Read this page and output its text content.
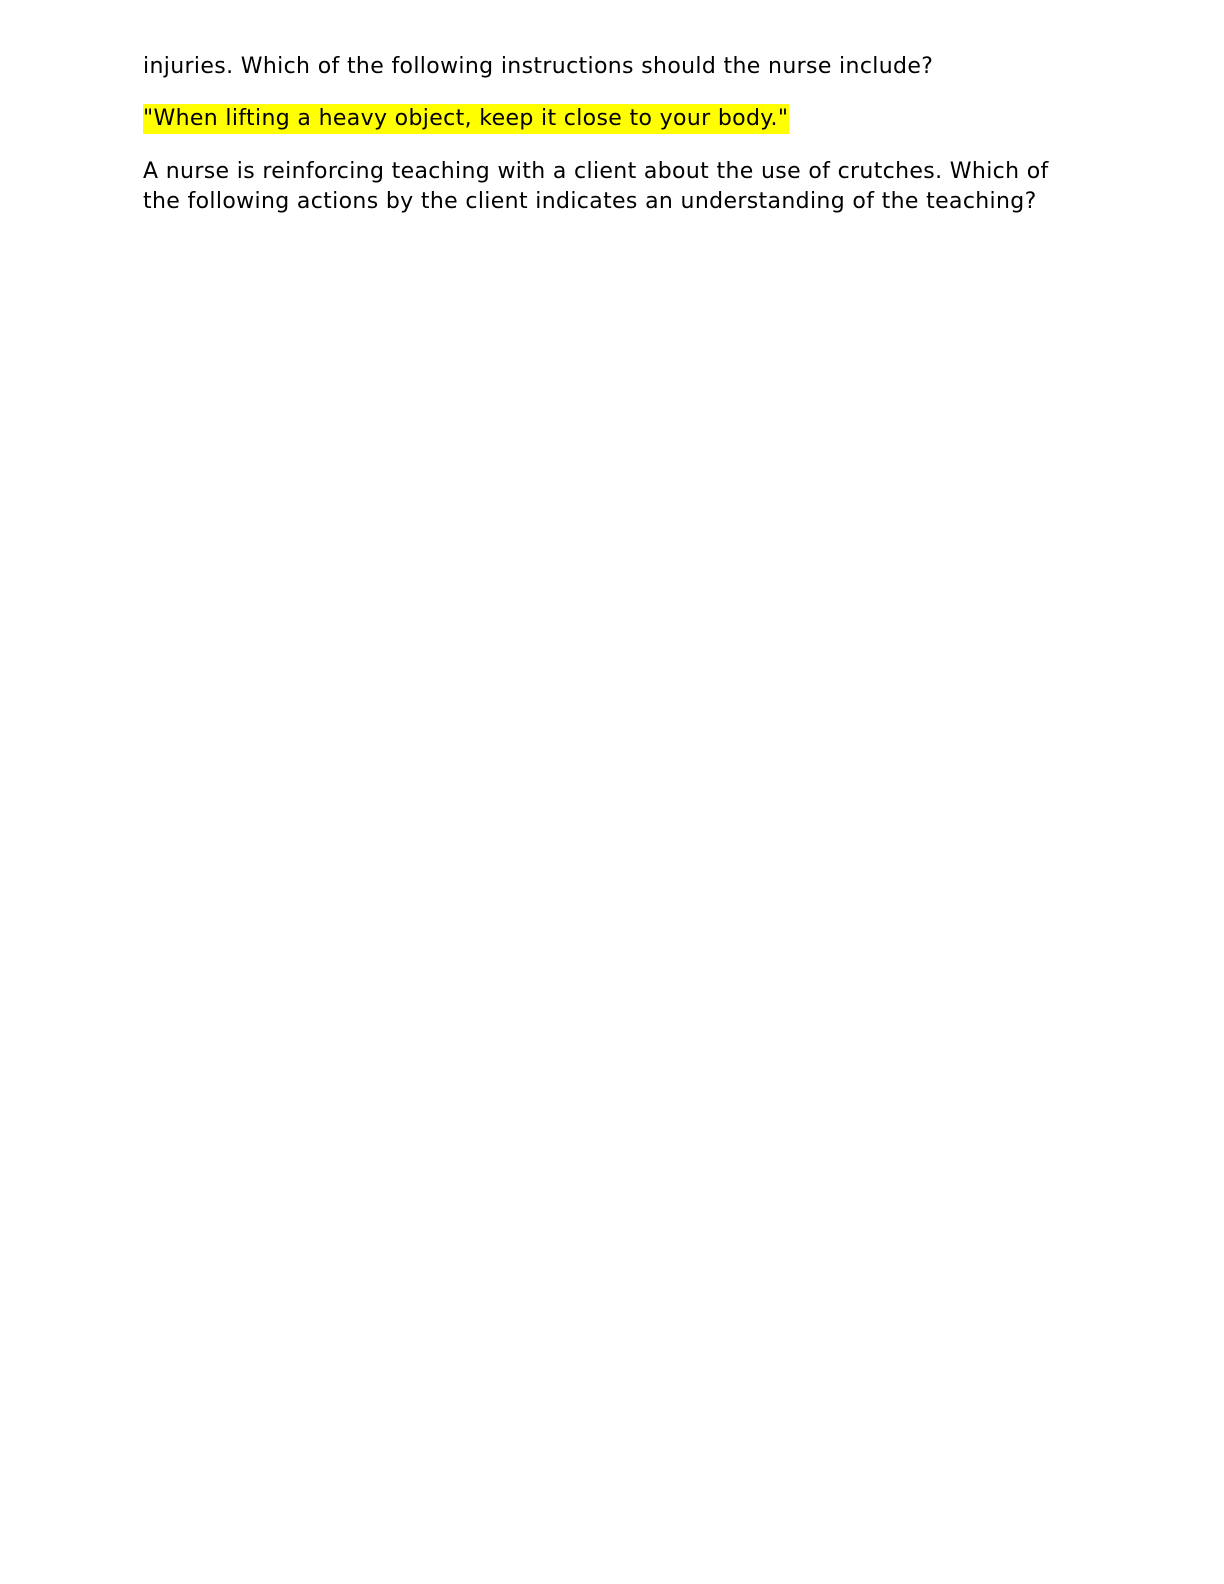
injuries. Which of the following instructions should the nurse include?

"When lifting a heavy object, keep it close to your body."

A nurse is reinforcing teaching with a client about the use of crutches. Which of the following actions by the client indicates an understanding of the teaching?
